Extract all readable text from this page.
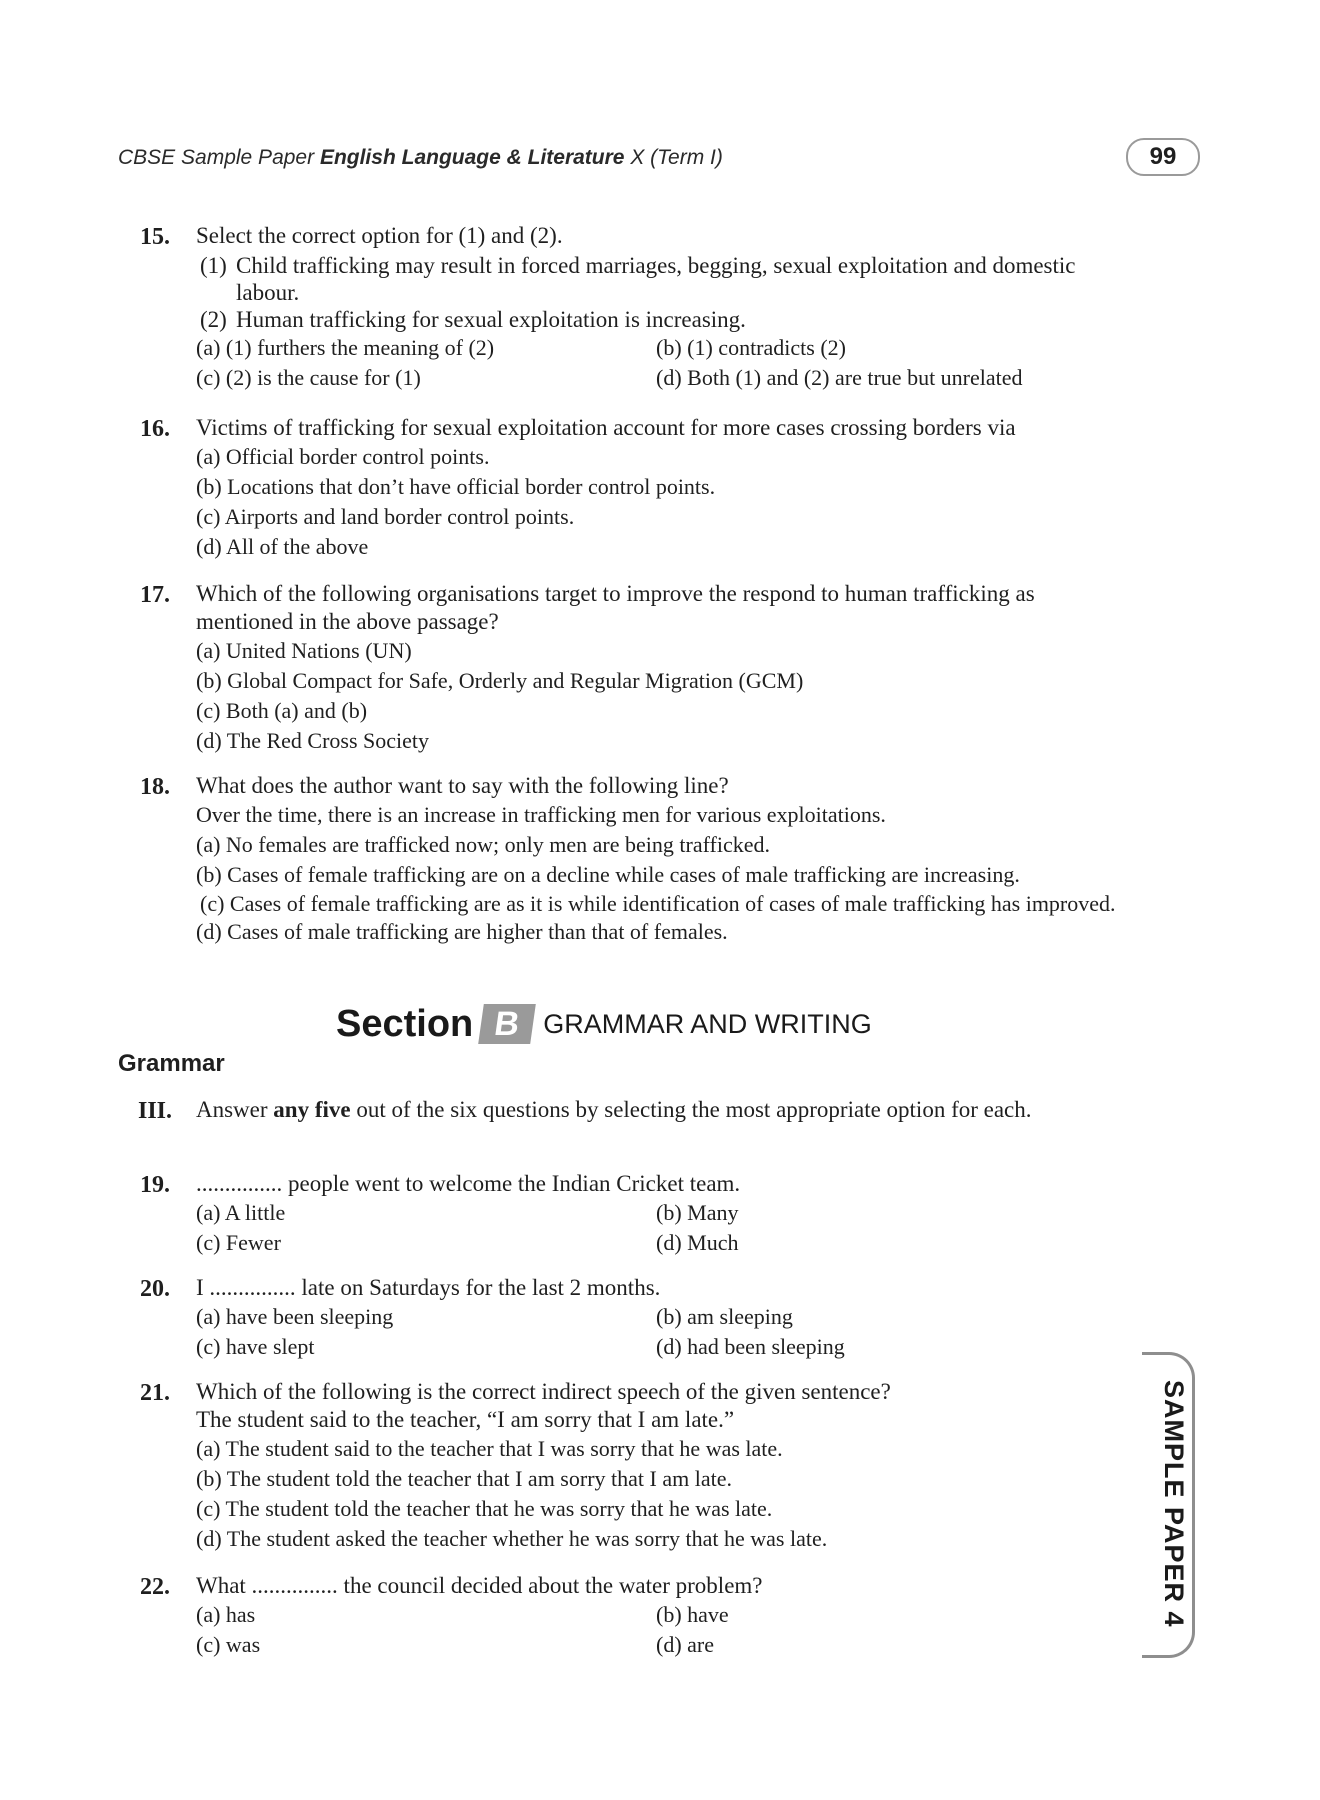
CBSE Sample Paper English Language & Literature X (Term I)	99
15.	Select the correct option for (1) and (2).
(1) Child trafficking may result in forced marriages, begging, sexual exploitation and domestic labour.
(2) Human trafficking for sexual exploitation is increasing.
(a) (1) furthers the meaning of (2)	(b) (1) contradicts (2)
(c) (2) is the cause for (1)	(d) Both (1) and (2) are true but unrelated
16.	Victims of trafficking for sexual exploitation account for more cases crossing borders via
(a) Official border control points.
(b) Locations that don’t have official border control points.
(c) Airports and land border control points.
(d) All of the above
17.	Which of the following organisations target to improve the respond to human trafficking as mentioned in the above passage?
(a) United Nations (UN)
(b) Global Compact for Safe, Orderly and Regular Migration (GCM)
(c) Both (a) and (b)
(d) The Red Cross Society
18.	What does the author want to say with the following line?
Over the time, there is an increase in trafficking men for various exploitations.
(a) No females are trafficked now; only men are being trafficked.
(b) Cases of female trafficking are on a decline while cases of male trafficking are increasing.
(c) Cases of female trafficking are as it is while identification of cases of male trafficking has improved.
(d) Cases of male trafficking are higher than that of females.
Section B GRAMMAR AND WRITING
Grammar
III.	Answer any five out of the six questions by selecting the most appropriate option for each.
19.	............... people went to welcome the Indian Cricket team.
(a) A little	(b) Many
(c) Fewer	(d) Much
20.	I ............... late on Saturdays for the last 2 months.
(a) have been sleeping	(b) am sleeping
(c) have slept	(d) had been sleeping
21.	Which of the following is the correct indirect speech of the given sentence?
The student said to the teacher, “I am sorry that I am late.”
(a) The student said to the teacher that I was sorry that he was late.
(b) The student told the teacher that I am sorry that I am late.
(c) The student told the teacher that he was sorry that he was late.
(d) The student asked the teacher whether he was sorry that he was late.
22.	What ............... the council decided about the water problem?
(a) has	(b) have
(c) was	(d) are
SAMPLE PAPER 4
